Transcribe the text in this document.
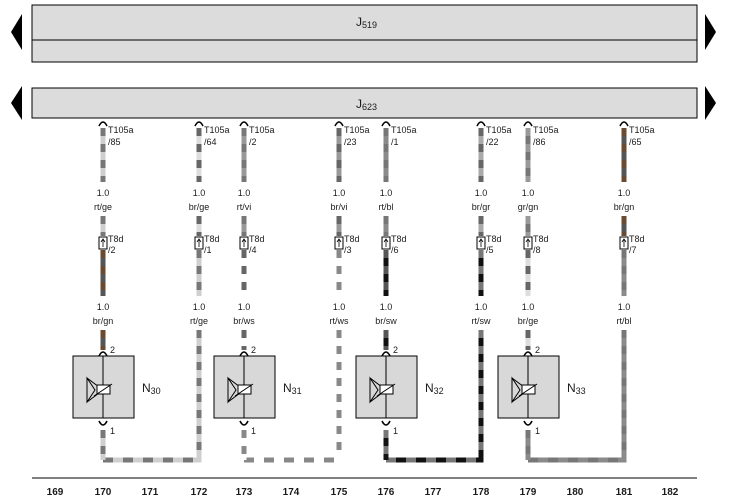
J519
J623
T105a
/85
1.0
rt/ge
T8d
/2
1.0
br/gn
T105a
/64
1.0
br/ge
T8d
/1
1.0
rt/ge
T105a
/2
1.0
rt/vi
T8d
/4
1.0
br/ws
T105a
/23
1.0
br/vi
T8d
/3
1.0
rt/ws
T105a
/1
1.0
rt/bl
T8d
/6
1.0
br/sw
T105a
/22
1.0
br/gr
T8d
/5
1.0
rt/sw
T105a
/86
1.0
gr/gn
T8d
/8
1.0
br/ge
T105a
/65
1.0
br/gn
T8d
/7
1.0
rt/bl
2
1
N30
2
1
N31
2
1
N32
2
1
N33
169	170	171	172	173	174	175	176	177	178	179	180	181	182
